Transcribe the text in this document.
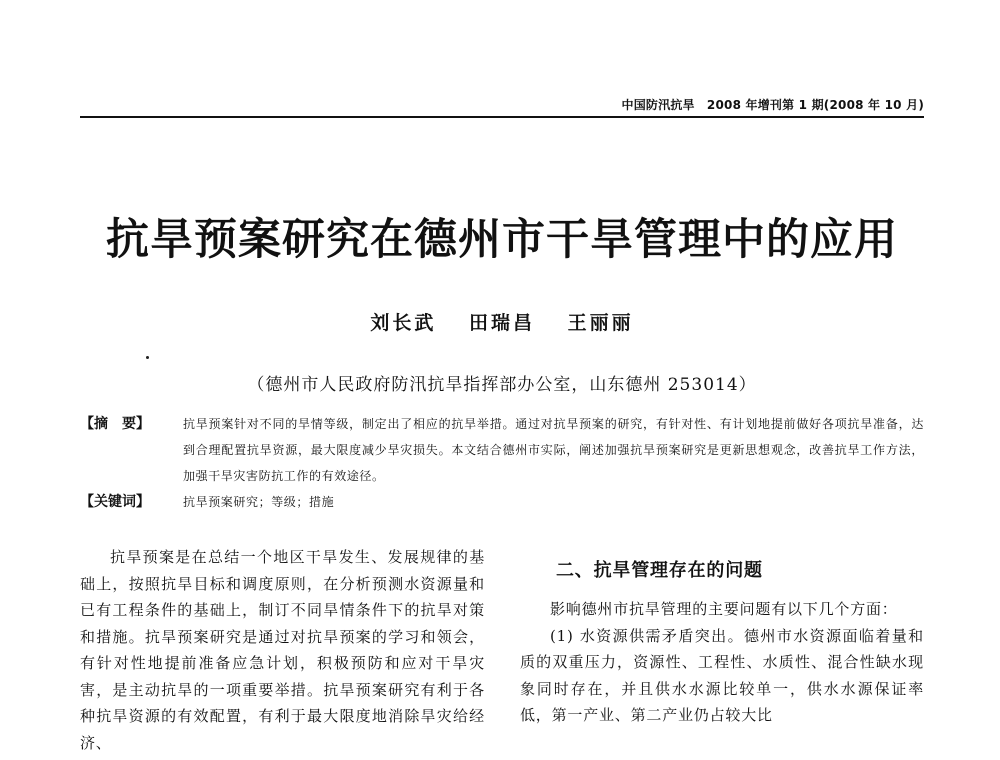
中国防汛抗旱　2008 年增刊第 1 期(2008 年 10 月)
抗旱预案研究在德州市干旱管理中的应用
刘长武 田瑞昌 王丽丽
（德州市人民政府防汛抗旱指挥部办公室，山东德州 253014）
【摘　要】	抗旱预案针对不同的旱情等级，制定出了相应的抗旱举措。通过对抗旱预案的研究，有针对性、有计划地提前做好各项抗旱准备，达到合理配置抗旱资源，最大限度减少旱灾损失。本文结合德州市实际，阐述加强抗旱预案研究是更新思想观念，改善抗旱工作方法，加强干旱灾害防抗工作的有效途径。
【关键词】	抗旱预案研究；等级；措施

抗旱预案是在总结一个地区干旱发生、发展规律的基础上，按照抗旱目标和调度原则，在分析预测水资源量和已有工程条件的基础上，制订不同旱情条件下的抗旱对策和措施。抗旱预案研究是通过对抗旱预案的学习和领会，有针对性地提前准备应急计划，积极预防和应对干旱灾害，是主动抗旱的一项重要举措。抗旱预案研究有利于各种抗旱资源的有效配置，有利于最大限度地消除旱灾给经济、

二、抗旱管理存在的问题

影响德州市抗旱管理的主要问题有以下几个方面：

(1) 水资源供需矛盾突出。德州市水资源面临着量和质的双重压力，资源性、工程性、水质性、混合性缺水现象同时存在，并且供水水源比较单一，供水水源保证率低，第一产业、第二产业仍占较大比
